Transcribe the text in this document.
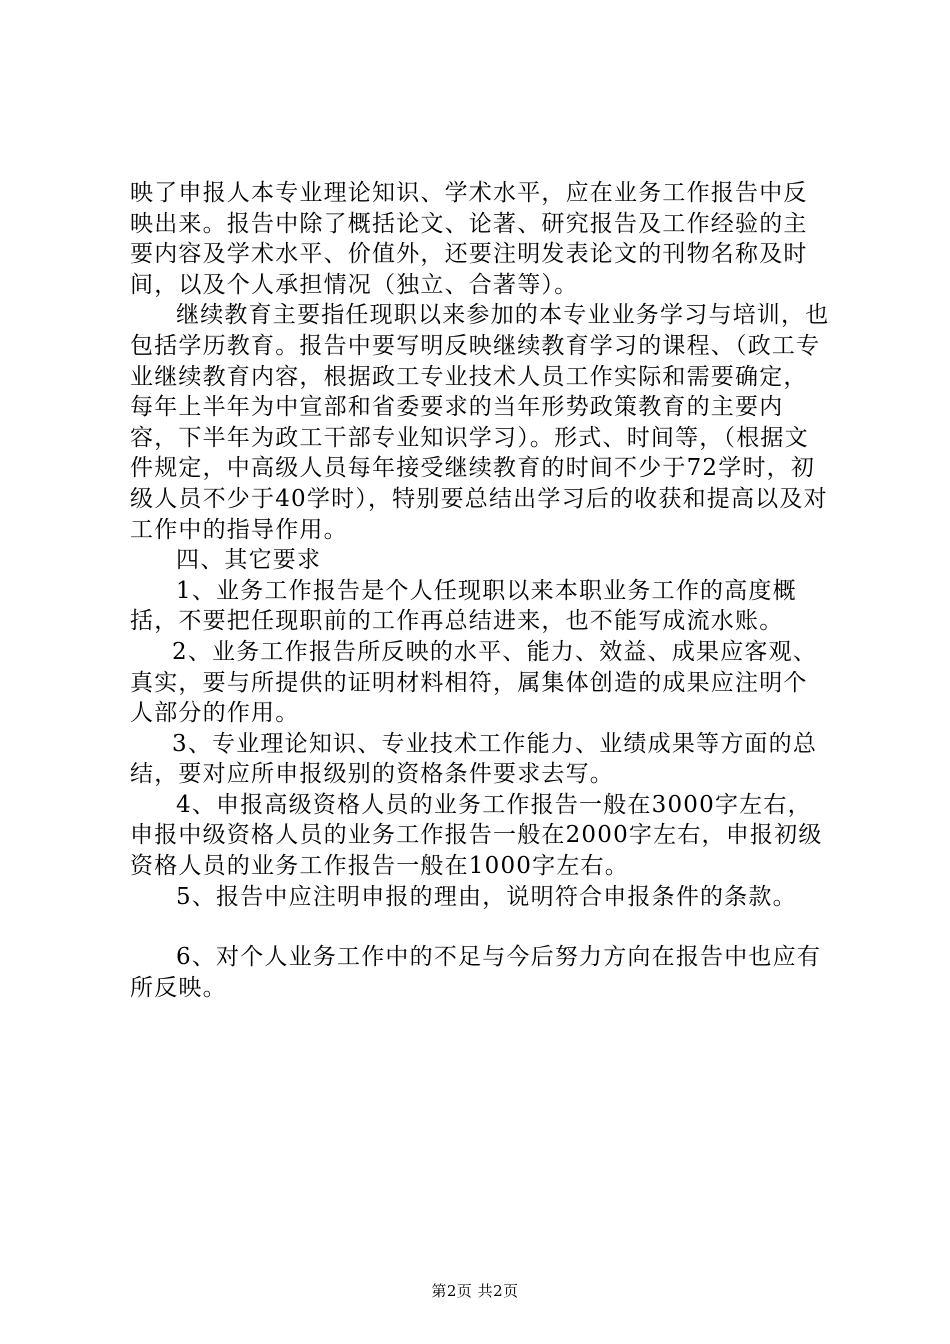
映了申报人本专业理论知识、学术水平，应在业务工作报告中反映出来。报告中除了概括论文、论著、研究报告及工作经验的主要内容及学术水平、价值外，还要注明发表论文的刊物名称及时间，以及个人承担情况（独立、合著等）。

继续教育主要指任现职以来参加的本专业业务学习与培训，也包括学历教育。报告中要写明反映继续教育学习的课程、（政工专业继续教育内容，根据政工专业技术人员工作实际和需要确定，每年上半年为中宣部和省委要求的当年形势政策教育的主要内容，下半年为政工干部专业知识学习）。形式、时间等，（根据文件规定，中高级人员每年接受继续教育的时间不少于72学时，初级人员不少于40学时），特别要总结出学习后的收获和提高以及对工作中的指导作用。

四、其它要求

1、业务工作报告是个人任现职以来本职业务工作的高度概括，不要把任现职前的工作再总结进来，也不能写成流水账。

2、业务工作报告所反映的水平、能力、效益、成果应客观、真实，要与所提供的证明材料相符，属集体创造的成果应注明个人部分的作用。

3、专业理论知识、专业技术工作能力、业绩成果等方面的总结，要对应所申报级别的资格条件要求去写。

4、申报高级资格人员的业务工作报告一般在3000字左右，申报中级资格人员的业务工作报告一般在2000字左右，申报初级资格人员的业务工作报告一般在1000字左右。

5、报告中应注明申报的理由，说明符合申报条件的条款。

6、对个人业务工作中的不足与今后努力方向在报告中也应有所反映。

第2页 共2页
